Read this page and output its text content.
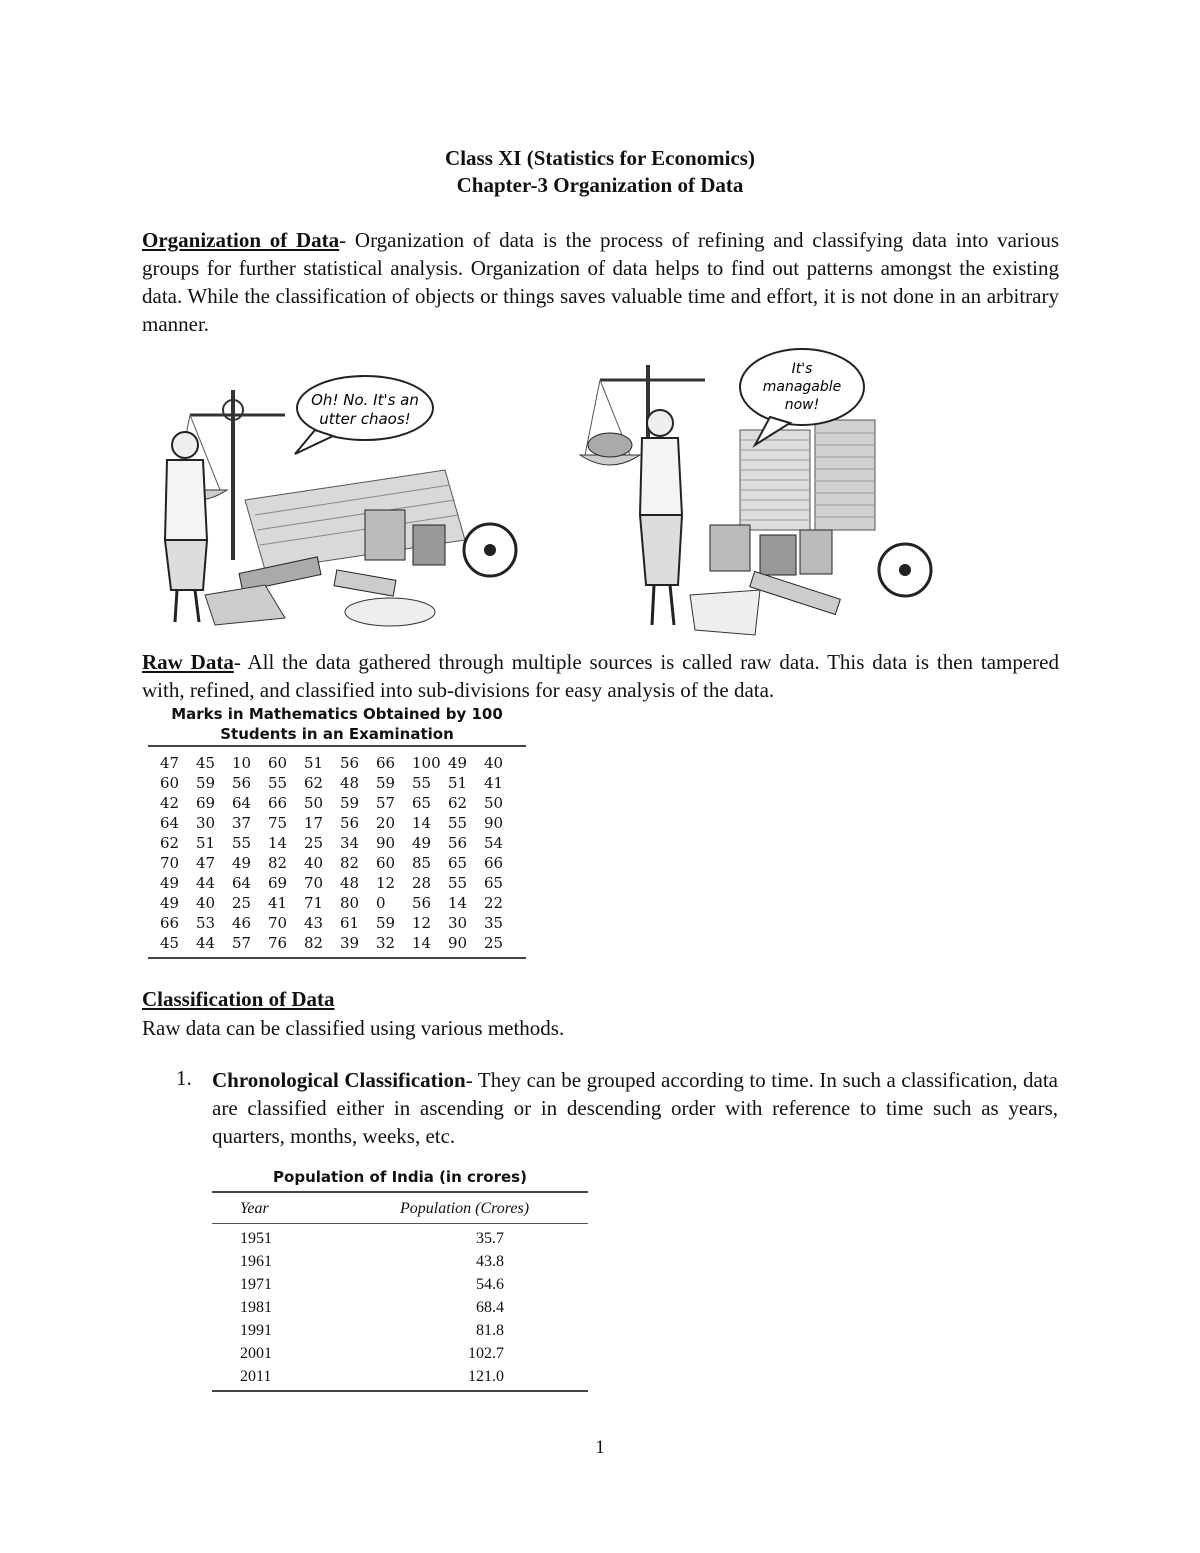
Class XI (Statistics for Economics)
Chapter-3 Organization of Data
Organization of Data- Organization of data is the process of refining and classifying data into various groups for further statistical analysis. Organization of data helps to find out patterns amongst the existing data. While the classification of objects or things saves valuable time and effort, it is not done in an arbitrary manner.
Oh! No. It's an
utter chaos!
It's
managable
now!
Raw Data- All the data gathered through multiple sources is called raw data. This data is then tampered with, refined, and classified into sub-divisions for easy analysis of the data.
Marks in Mathematics Obtained by 100
Students in an Examination
47	45	10	60	51	56	66	100 49	40
60	59	56	55	62	48	59	55	51	41
42	69	64	66	50	59	57	65	62	50
64	30	37	75	17	56	20	14	55	90
62	51	55	14	25	34	90	49	56	54
70	47	49	82	40	82	60	85	65	66
49	44	64	69	70	48	12	28	55	65
49	40	25	41	71	80	0	56	14	22
66	53	46	70	43	61	59	12	30	35
45	44	57	76	82	39	32	14	90	25
Classification of Data
Raw data can be classified using various methods.
1. Chronological Classification- They can be grouped according to time. In such a classification, data are classified either in ascending or in descending order with reference to time such as years, quarters, months, weeks, etc.
Population of India (in crores)
Year	Population (Crores)
1951	35.7
1961	43.8
1971	54.6
1981	68.4
1991	81.8
2001	102.7
2011	121.0
1
